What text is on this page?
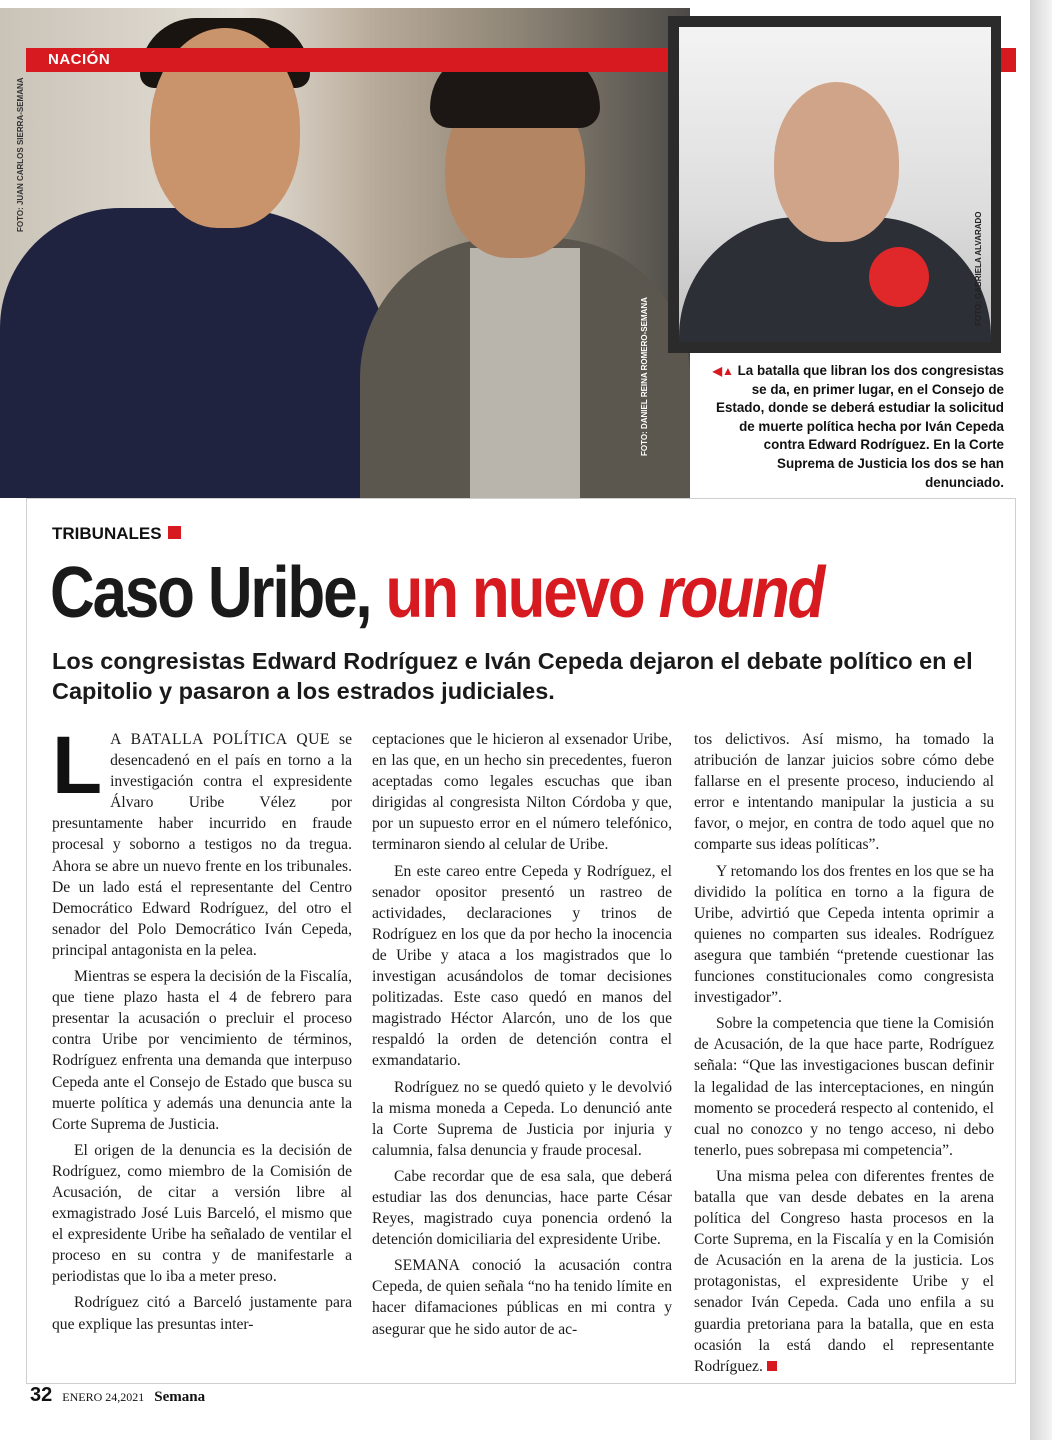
NACIÓN
FOTO: JUAN CARLOS SIERRA-SEMANA
FOTO: DANIEL REINA ROMERO-SEMANA
FOTO: GABRIELA ALVARADO
◀▲ La batalla que libran los dos congresistas se da, en primer lugar, en el Consejo de Estado, donde se deberá estudiar la solicitud de muerte política hecha por Iván Cepeda contra Edward Rodríguez. En la Corte Suprema de Justicia los dos se han denunciado.
TRIBUNALES
Caso Uribe, un nuevo round
Los congresistas Edward Rodríguez e Iván Cepeda dejaron el debate político en el Capitolio y pasaron a los estrados judiciales.

L A BATALLA POLÍTICA QUE se desencadenó en el país en torno a la investigación contra el expresidente Álvaro Uribe Vélez por presuntamente haber incurrido en fraude procesal y soborno a testigos no da tregua. Ahora se abre un nuevo frente en los tribunales. De un lado está el representante del Centro Democrático Edward Rodríguez, del otro el senador del Polo Democrático Iván Cepeda, principal antagonista en la pelea.

Mientras se espera la decisión de la Fiscalía, que tiene plazo hasta el 4 de febrero para presentar la acusación o precluir el proceso contra Uribe por vencimiento de términos, Rodríguez enfrenta una demanda que interpuso Cepeda ante el Consejo de Estado que busca su muerte política y además una denuncia ante la Corte Suprema de Justicia.

El origen de la denuncia es la decisión de Rodríguez, como miembro de la Comisión de Acusación, de citar a versión libre al exmagistrado José Luis Barceló, el mismo que el expresidente Uribe ha señalado de ventilar el proceso en su contra y de manifestarle a periodistas que lo iba a meter preso.

Rodríguez citó a Barceló justamente para que explique las presuntas inter-

ceptaciones que le hicieron al exsenador Uribe, en las que, en un hecho sin precedentes, fueron aceptadas como legales escuchas que iban dirigidas al congresista Nilton Córdoba y que, por un supuesto error en el número telefónico, terminaron siendo al celular de Uribe.

En este careo entre Cepeda y Rodríguez, el senador opositor presentó un rastreo de actividades, declaraciones y trinos de Rodríguez en los que da por hecho la inocencia de Uribe y ataca a los magistrados que lo investigan acusándolos de tomar decisiones politizadas. Este caso quedó en manos del magistrado Héctor Alarcón, uno de los que respaldó la orden de detención contra el exmandatario.

Rodríguez no se quedó quieto y le devolvió la misma moneda a Cepeda. Lo denunció ante la Corte Suprema de Justicia por injuria y calumnia, falsa denuncia y fraude procesal.

Cabe recordar que de esa sala, que deberá estudiar las dos denuncias, hace parte César Reyes, magistrado cuya ponencia ordenó la detención domiciliaria del expresidente Uribe.

SEMANA conoció la acusación contra Cepeda, de quien señala “no ha tenido límite en hacer difamaciones públicas en mi contra y asegurar que he sido autor de ac-

tos delictivos. Así mismo, ha tomado la atribución de lanzar juicios sobre cómo debe fallarse en el presente proceso, induciendo al error e intentando manipular la justicia a su favor, o mejor, en contra de todo aquel que no comparte sus ideas políticas”.

Y retomando los dos frentes en los que se ha dividido la política en torno a la figura de Uribe, advirtió que Cepeda intenta oprimir a quienes no comparten sus ideales. Rodríguez asegura que también “pretende cuestionar las funciones constitucionales como congresista investigador”.

Sobre la competencia que tiene la Comisión de Acusación, de la que hace parte, Rodríguez señala: “Que las investigaciones buscan definir la legalidad de las interceptaciones, en ningún momento se procederá respecto al contenido, el cual no conozco y no tengo acceso, ni debo tenerlo, pues sobrepasa mi competencia”.

Una misma pelea con diferentes frentes de batalla que van desde debates en la arena política del Congreso hasta procesos en la Corte Suprema, en la Fiscalía y en la Comisión de Acusación en la arena de la justicia. Los protagonistas, el expresidente Uribe y el senador Iván Cepeda. Cada uno enfila a su guardia pretoriana para la batalla, que en esta ocasión la está dando el representante Rodríguez.

32 ENERO 24,2021 Semana
